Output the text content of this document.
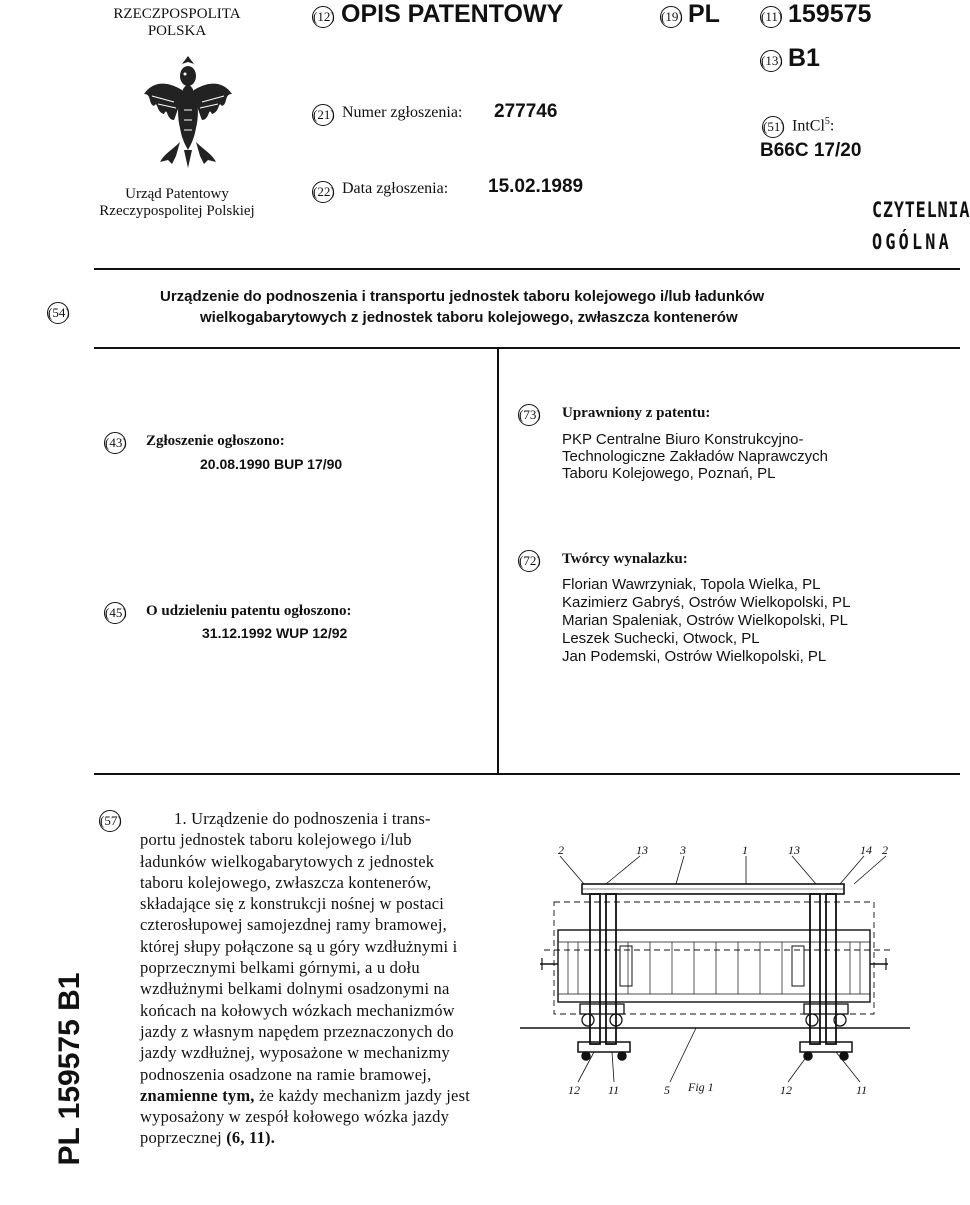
RZECZPOSPOLITA
POLSKA
Urząd Patentowy
Rzeczypospolitej Polskiej
(12) OPIS PATENTOWY	(19) PL	(11) 159575
(13) B1
(21) Numer zgłoszenia: 277746
(22) Data zgłoszenia: 15.02.1989
(51) IntCl$^5$:
B66C 17/20
CZYTELNIA
OGÓLNA
(54)
Urządzenie do podnoszenia i transportu jednostek taboru kolejowego i/lub ładunków
wielkogabarytowych z jednostek taboru kolejowego, zwłaszcza kontenerów
(43) Zgłoszenie ogłoszono:
20.08.1990 BUP 17/90
(45) O udzieleniu patentu ogłoszono:
31.12.1992 WUP 12/92
(73) Uprawniony z patentu:
PKP Centralne Biuro Konstrukcyjno-
Technologiczne Zakładów Naprawczych
Taboru Kolejowego, Poznań, PL
(72) Twórcy wynalazku:
Florian Wawrzyniak, Topola Wielka, PL
Kazimierz Gabryś, Ostrów Wielkopolski, PL
Marian Spaleniak, Ostrów Wielkopolski, PL
Leszek Suchecki, Otwock, PL
Jan Podemski, Ostrów Wielkopolski, PL
PL 159575 B1
(57)	1. Urządzenie do podnoszenia i trans-
portu jednostek taboru kolejowego i/lub
ładunków wielkogabarytowych z jednostek
taboru kolejowego, zwłaszcza kontenerów,
składające się z konstrukcji nośnej w postaci
czterosłupowej samojezdnej ramy bramowej,
której słupy połączone są u góry wzdłużnymi i
poprzecznymi belkami górnymi, a u dołu
wzdłużnymi belkami dolnymi osadzonymi na
końcach na kołowych wózkach mechanizmów
jazdy z własnym napędem przeznaczonych do
jazdy wzdłużnej, wyposażone w mechanizmy
podnoszenia osadzone na ramie bramowej,
znamienne tym, że każdy mechanizm jazdy jest
wyposażony w zespół kołowego wózka jazdy
poprzecznej (6, 11).
2	13	3	1	13	14 2
12 11	5	12	11
Fig 1
